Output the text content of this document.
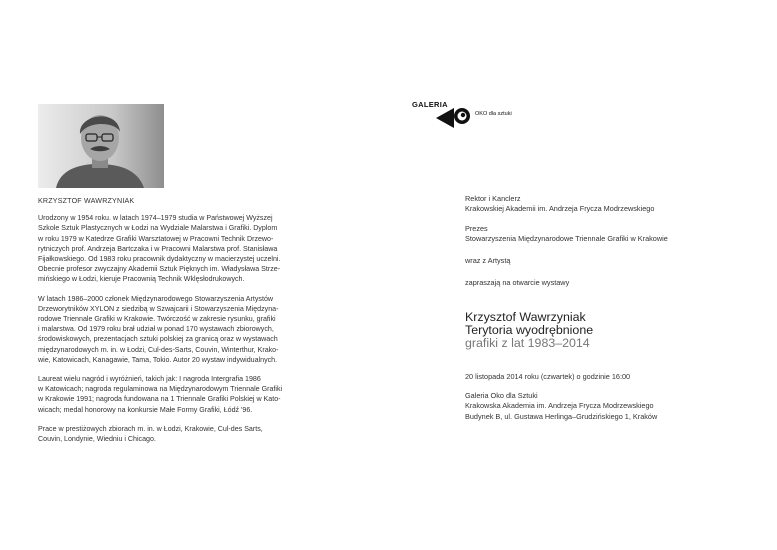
KRZYSZTOF WAWRZYNIAK

Urodzony w 1954 roku. w latach 1974–1979 studia w Państwowej Wyższej
Szkole Sztuk Plastycznych w Łodzi na Wydziale Malarstwa i Grafiki. Dyplom
w roku 1979 w Katedrze Grafiki Warsztatowej w Pracowni Technik Drzewo-
rytniczych prof. Andrzeja Bartczaka i w Pracowni Malarstwa prof. Stanisława
Fijałkowskiego. Od 1983 roku pracownik dydaktyczny w macierzystej uczelni.
Obecnie profesor zwyczajny Akademii Sztuk Pięknych im. Władysława Strze-
mińskiego w Łodzi, kieruje Pracownią Technik Wklęsłodrukowych.

W latach 1986–2000 członek Międzynarodowego Stowarzyszenia Artystów
Drzeworytników XYLON z siedzibą w Szwajcarii i Stowarzyszenia Międzyna-
rodowe Triennale Grafiki w Krakowie. Twórczość w zakresie rysunku, grafiki
i malarstwa. Od 1979 roku brał udział w ponad 170 wystawach zbiorowych,
środowiskowych, prezentacjach sztuki polskiej za granicą oraz w wystawach
międzynarodowych m. in. w Łodzi, Cul-des-Sarts, Couvin, Winterthur, Krako-
wie, Katowicach, Kanagawie, Tama, Tokio. Autor 20 wystaw indywidualnych.

Laureat wielu nagród i wyróżnień, takich jak: I nagroda Intergrafia 1986
w Katowicach; nagroda regulaminowa na Międzynarodowym Triennale Grafiki
w Krakowie 1991; nagroda fundowana na 1 Triennale Grafiki Polskiej w Kato-
wicach; medal honorowy na konkursie Małe Formy Grafiki, Łódź '96.

Prace w prestiżowych zbiorach m. in. w Łodzi, Krakowie, Cul-des Sarts,
Couvin, Londynie, Wiedniu i Chicago.

GALERIA
OKO dla sztuki

Rektor i Kanclerz

Krakowskiej Akademii im. Andrzeja Frycza Modrzewskiego

Prezes

Stowarzyszenia Międzynarodowe Triennale Grafiki w Krakowie

wraz z Artystą

zapraszają na otwarcie wystawy

Krzysztof Wawrzyniak

Terytoria wyodrębnione

grafiki z lat 1983–2014

20 listopada 2014 roku (czwartek) o godzinie 16:00

Galeria Oko dla Sztuki

Krakowska Akademia im. Andrzeja Frycza Modrzewskiego

Budynek B, ul. Gustawa Herlinga–Grudzińskiego 1, Kraków
